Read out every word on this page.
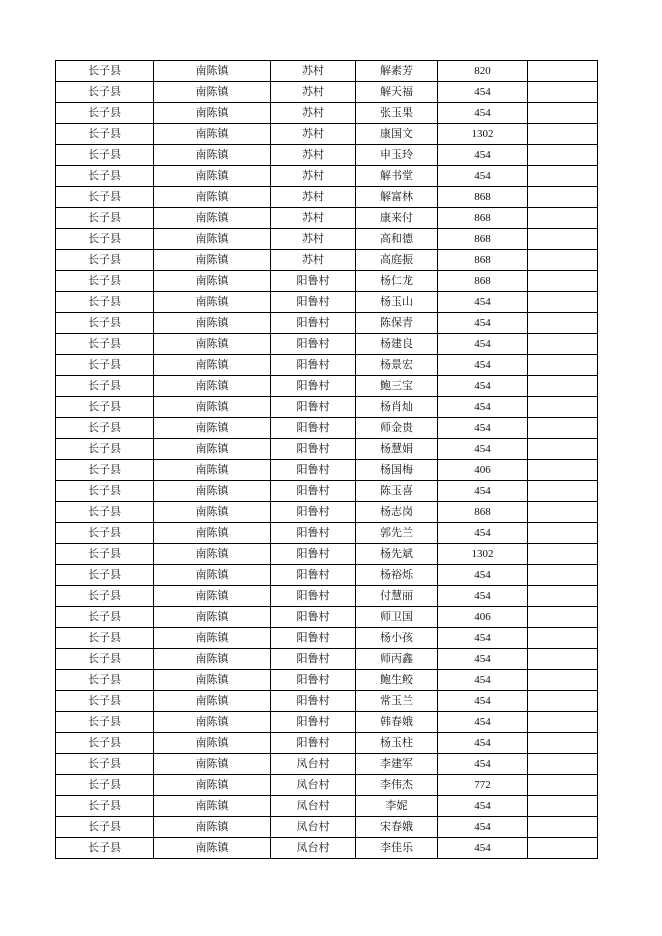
长子县	南陈镇	苏村	解素芳	820	
长子县	南陈镇	苏村	解天福	454	
长子县	南陈镇	苏村	张玉果	454	
长子县	南陈镇	苏村	康国文	1302	
长子县	南陈镇	苏村	申玉玲	454	
长子县	南陈镇	苏村	解书堂	454	
长子县	南陈镇	苏村	解富林	868	
长子县	南陈镇	苏村	康来付	868	
长子县	南陈镇	苏村	高和德	868	
长子县	南陈镇	苏村	高庭振	868	
长子县	南陈镇	阳鲁村	杨仁龙	868	
长子县	南陈镇	阳鲁村	杨玉山	454	
长子县	南陈镇	阳鲁村	陈保青	454	
长子县	南陈镇	阳鲁村	杨建良	454	
长子县	南陈镇	阳鲁村	杨景宏	454	
长子县	南陈镇	阳鲁村	鲍三宝	454	
长子县	南陈镇	阳鲁村	杨肖灿	454	
长子县	南陈镇	阳鲁村	师金贵	454	
长子县	南陈镇	阳鲁村	杨慧娟	454	
长子县	南陈镇	阳鲁村	杨国梅	406	
长子县	南陈镇	阳鲁村	陈玉喜	454	
长子县	南陈镇	阳鲁村	杨志岗	868	
长子县	南陈镇	阳鲁村	郭先兰	454	
长子县	南陈镇	阳鲁村	杨先斌	1302	
长子县	南陈镇	阳鲁村	杨裕烁	454	
长子县	南陈镇	阳鲁村	付慧丽	454	
长子县	南陈镇	阳鲁村	师卫国	406	
长子县	南陈镇	阳鲁村	杨小孩	454	
长子县	南陈镇	阳鲁村	师丙鑫	454	
长子县	南陈镇	阳鲁村	鲍生鲛	454	
长子县	南陈镇	阳鲁村	常玉兰	454	
长子县	南陈镇	阳鲁村	韩春娥	454	
长子县	南陈镇	阳鲁村	杨玉柱	454	
长子县	南陈镇	凤台村	李建军	454	
长子县	南陈镇	凤台村	李伟杰	772	
长子县	南陈镇	凤台村	李妮	454	
长子县	南陈镇	凤台村	宋春娥	454	
长子县	南陈镇	凤台村	李佳乐	454	
